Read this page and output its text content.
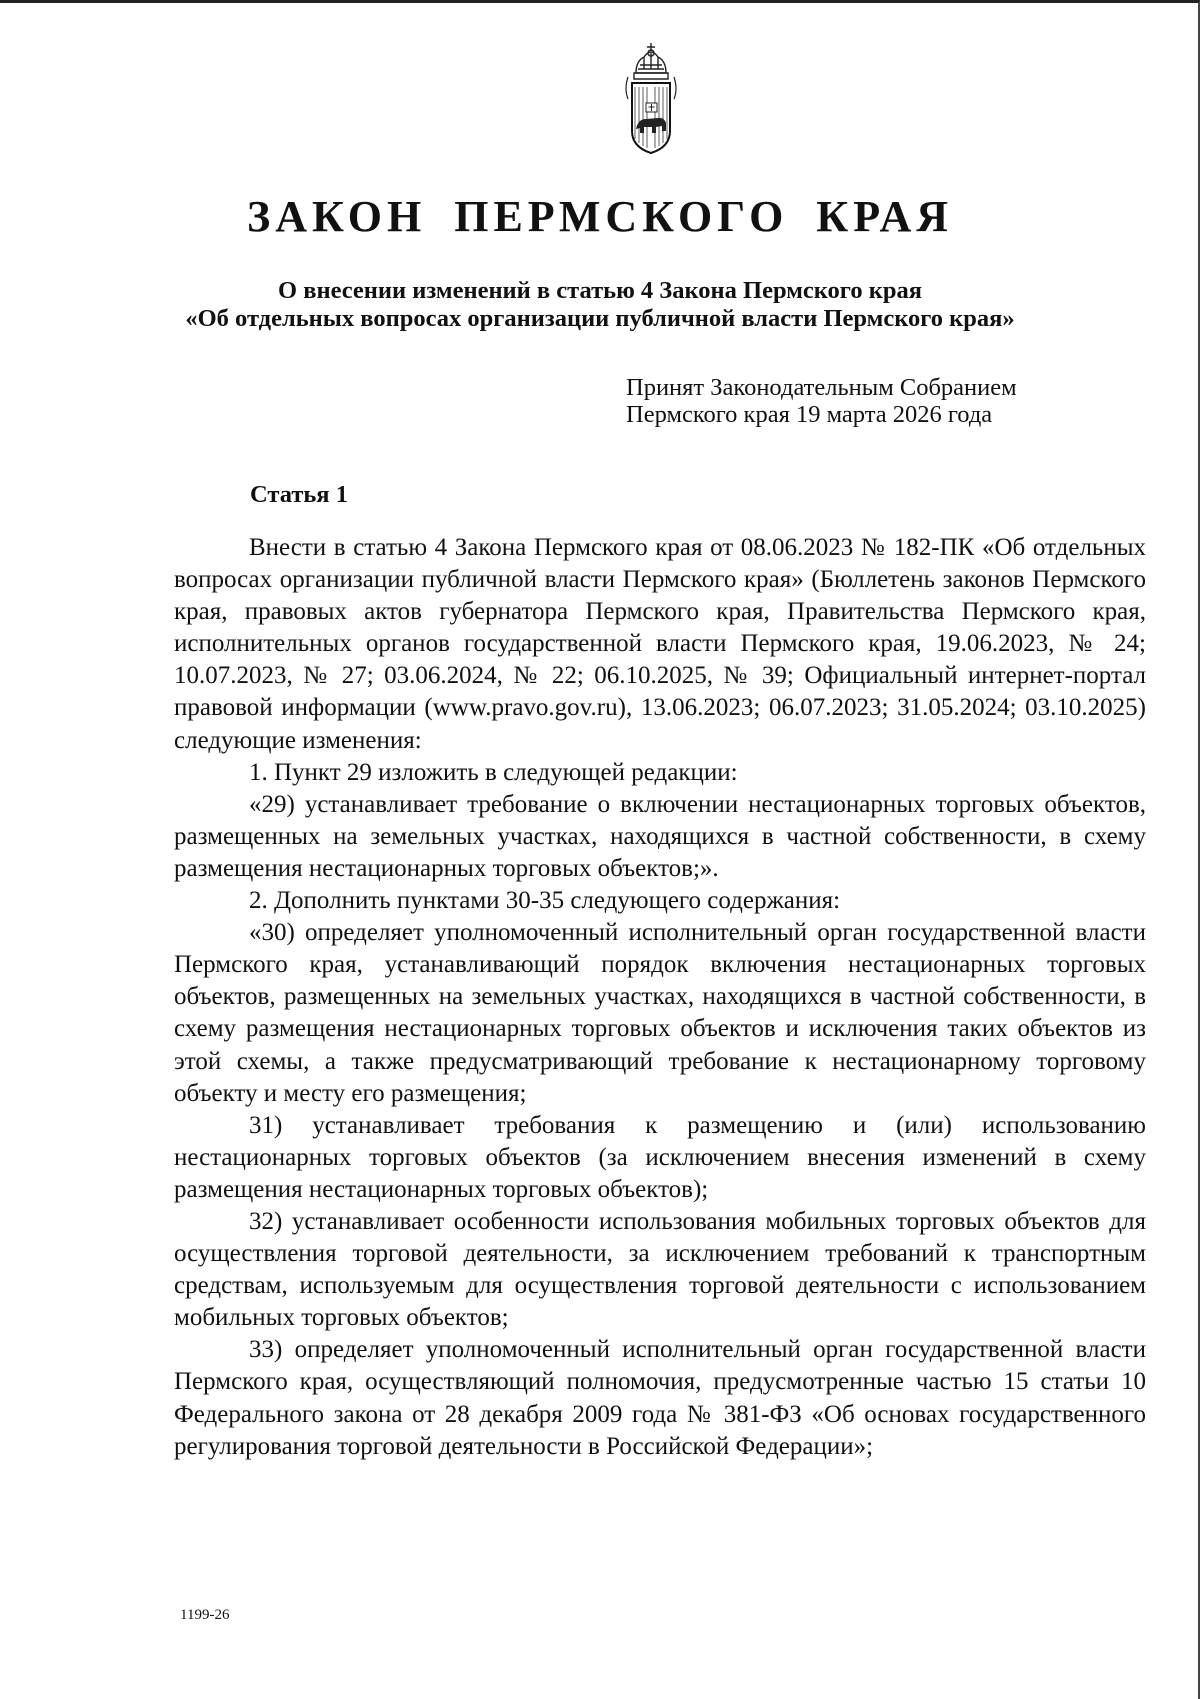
ЗАКОН ПЕРМСКОГО КРАЯ
О внесении изменений в статью 4 Закона Пермского края
«Об отдельных вопросах организации публичной власти Пермского края»
Принят Законодательным Собранием
Пермского края 19 марта 2026 года
Статья 1

Внести в статью 4 Закона Пермского края от 08.06.2023 № 182-ПК «Об отдельных вопросах организации публичной власти Пермского края» (Бюллетень законов Пермского края, правовых актов губернатора Пермского края, Правительства Пермского края, исполнительных органов государственной власти Пермского края, 19.06.2023, № 24; 10.07.2023, № 27; 03.06.2024, № 22; 06.10.2025, № 39; Официальный интернет-портал правовой информации (www.pravo.gov.ru), 13.06.2023; 06.07.2023; 31.05.2024; 03.10.2025) следующие изменения:

1. Пункт 29 изложить в следующей редакции:

«29) устанавливает требование о включении нестационарных торговых объектов, размещенных на земельных участках, находящихся в частной собственности, в схему размещения нестационарных торговых объектов;».

2. Дополнить пунктами 30-35 следующего содержания:

«30) определяет уполномоченный исполнительный орган государственной власти Пермского края, устанавливающий порядок включения нестационарных торговых объектов, размещенных на земельных участках, находящихся в частной собственности, в схему размещения нестационарных торговых объектов и исключения таких объектов из этой схемы, а также предусматривающий требование к нестационарному торговому объекту и месту его размещения;

31) устанавливает требования к размещению и (или) использованию нестационарных торговых объектов (за исключением внесения изменений в схему размещения нестационарных торговых объектов);

32) устанавливает особенности использования мобильных торговых объектов для осуществления торговой деятельности, за исключением требований к транспортным средствам, используемым для осуществления торговой деятельности с использованием мобильных торговых объектов;

33) определяет уполномоченный исполнительный орган государственной власти Пермского края, осуществляющий полномочия, предусмотренные частью 15 статьи 10 Федерального закона от 28 декабря 2009 года № 381-ФЗ «Об основах государственного регулирования торговой деятельности в Российской Федерации»;

1199-26
